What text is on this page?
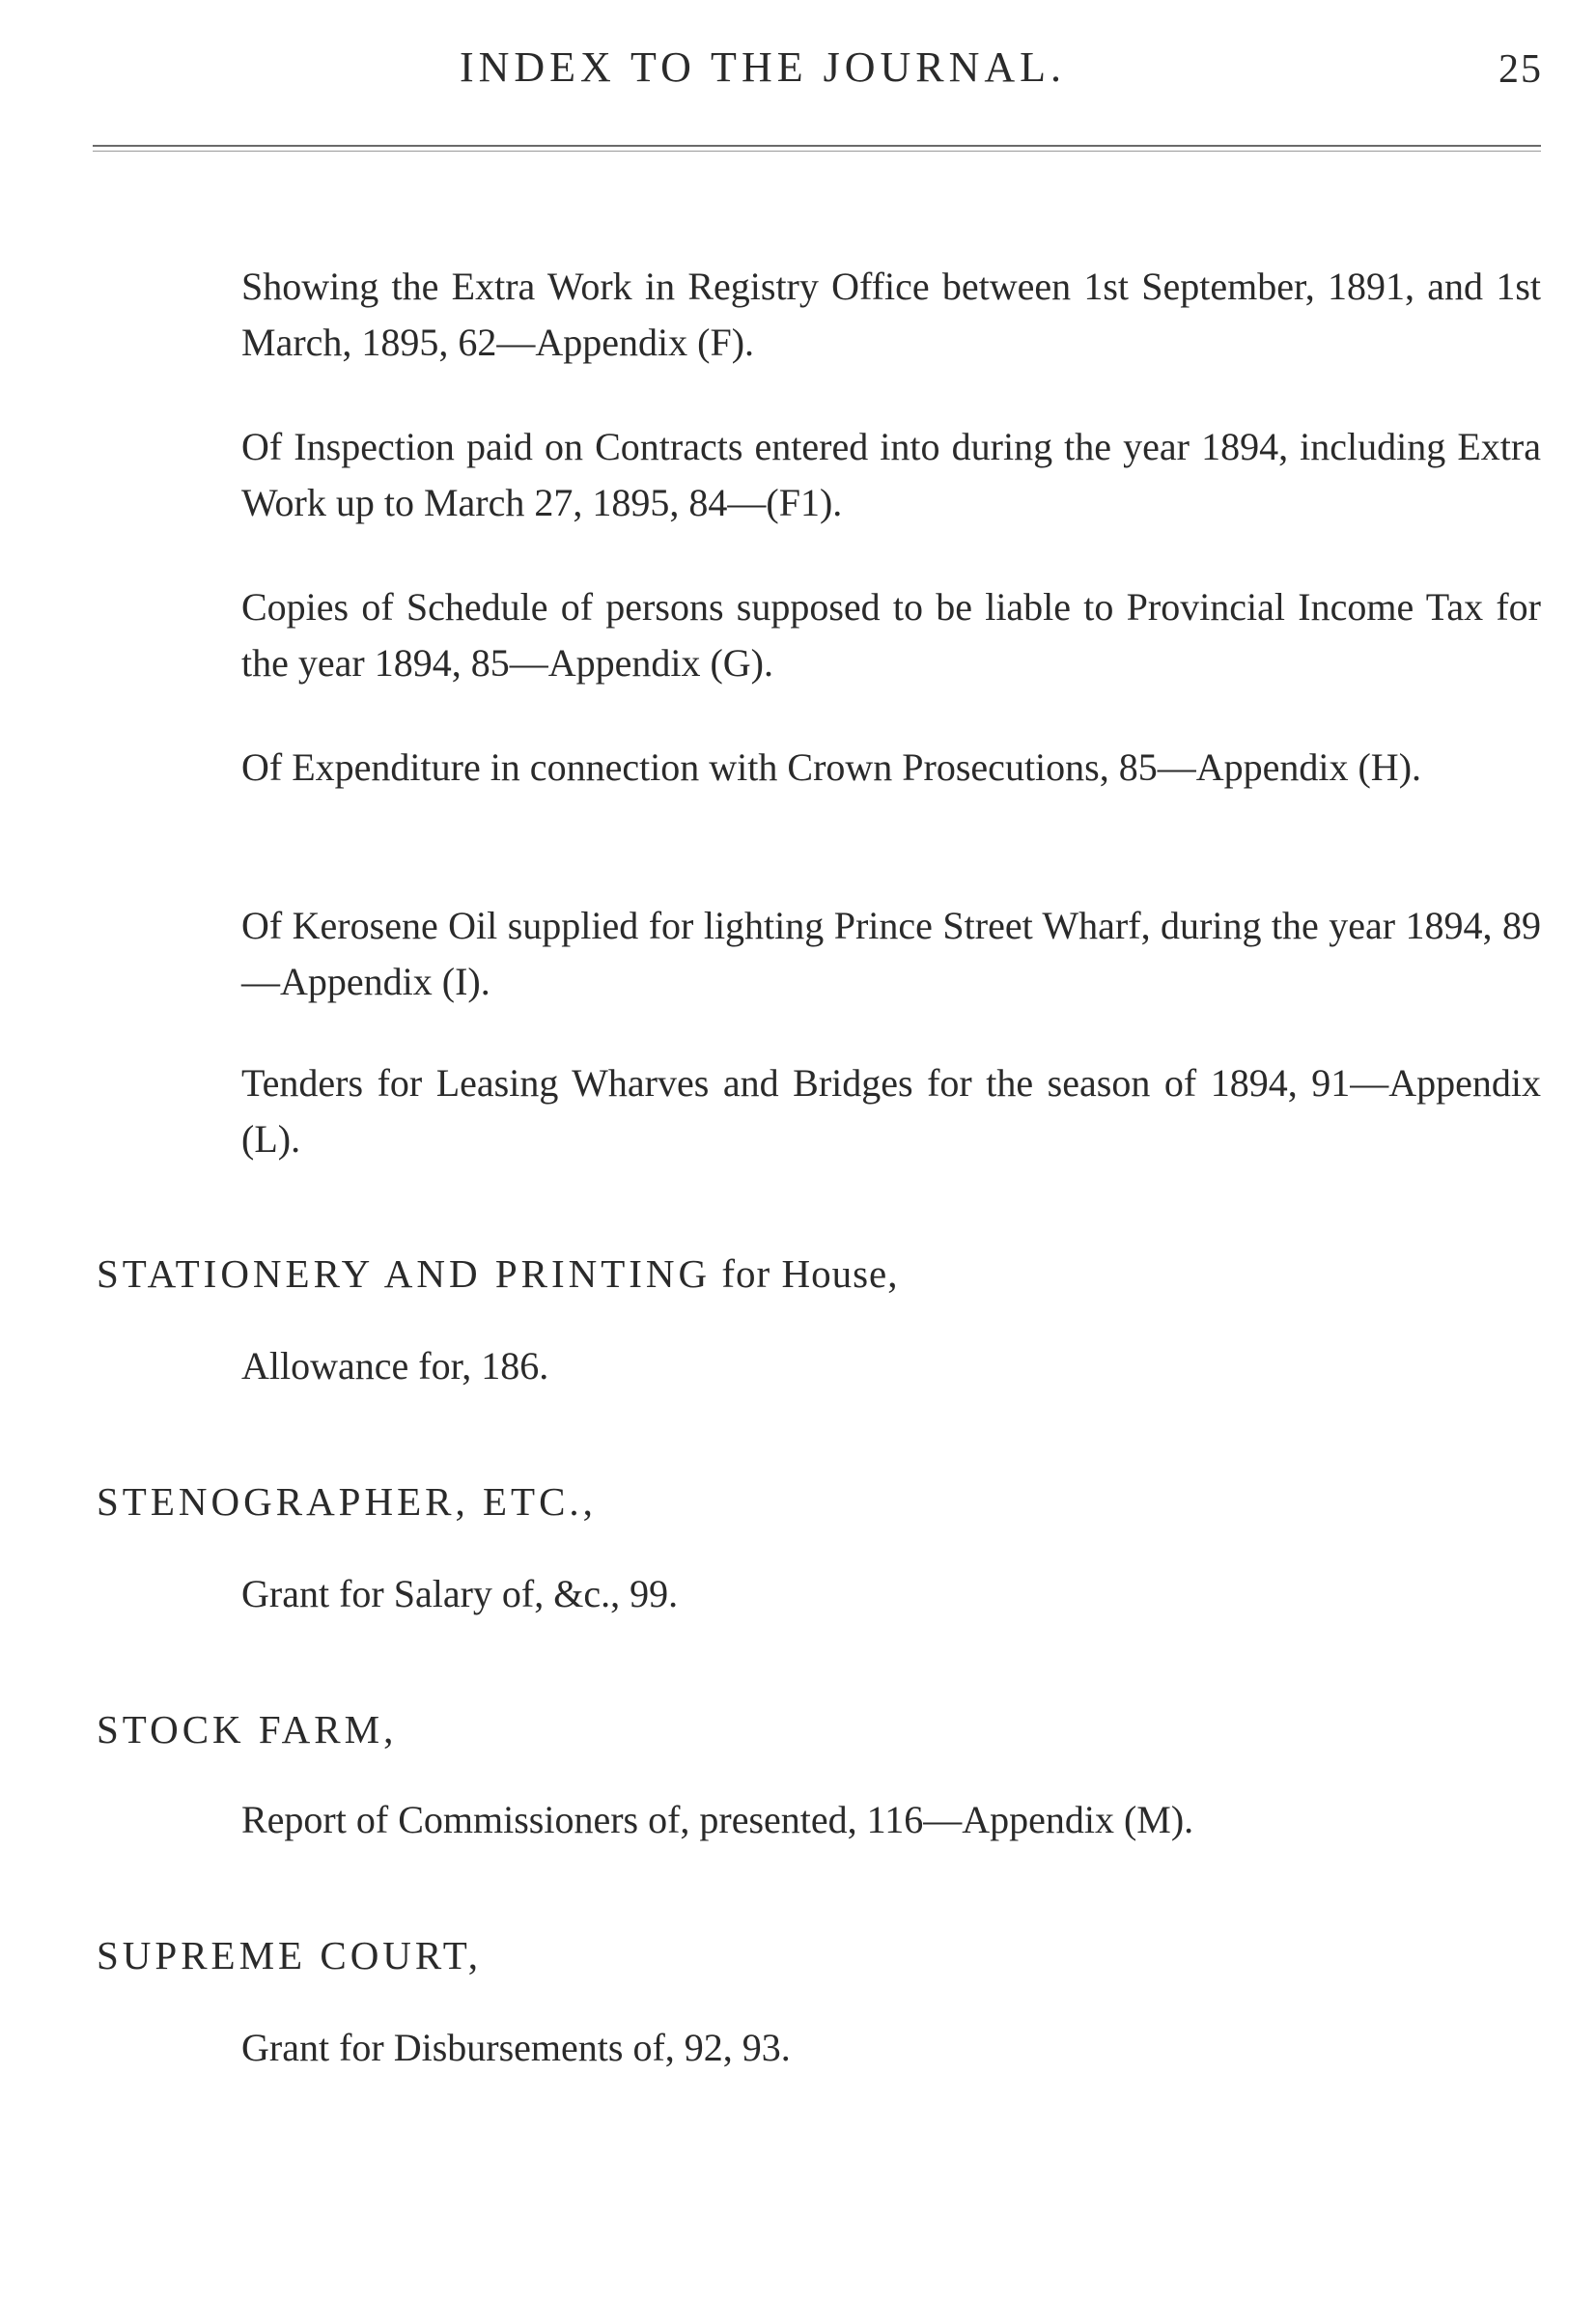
INDEX TO THE JOURNAL.	25
Showing the Extra Work in Registry Office between 1st September, 1891, and 1st March, 1895, 62—Appendix (F).
Of Inspection paid on Contracts entered into during the year 1894, including Extra Work up to March 27, 1895, 84—(F1).
Copies of Schedule of persons supposed to be liable to Provincial Income Tax for the year 1894, 85—Appendix (G).
Of Expenditure in connection with Crown Prosecutions, 85—Appendix (H).
Of Kerosene Oil supplied for lighting Prince Street Wharf, during the year 1894, 89—Appendix (I).
Tenders for Leasing Wharves and Bridges for the season of 1894, 91—Appendix (L).
STATIONERY AND PRINTING for House,
Allowance for, 186.
STENOGRAPHER, ETC.,
Grant for Salary of, &c., 99.
STOCK FARM,
Report of Commissioners of, presented, 116—Appendix (M).
SUPREME COURT,
Grant for Disbursements of, 92, 93.
